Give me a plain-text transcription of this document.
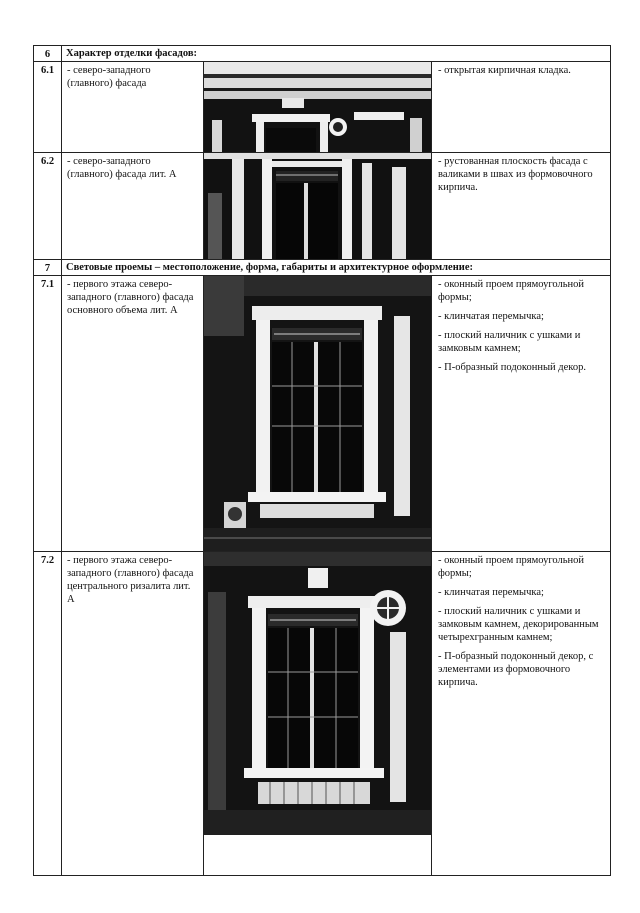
6	Характер отделки фасадов:		
6.1	- северо-западного (главного) фасада		- открытая кирпичная кладка.

6.2	- северо-западного (главного) фасада лит. А		- рустованная плоскость фасада с валиками в швах из формовочного кирпича.

7	Световые проемы – местоположение, форма, габариты и архитектурное оформление:		
7.1	- первого этажа северо-западного (главного) фасада основного объема лит. А		- оконный проем прямоугольной формы;

- клинчатая перемычка;

- плоский наличник с ушками и замковым камнем;

- П-образный подоконный декор.

7.2	- первого этажа северо-западного (главного) фасада центрального ризалита лит. А		- оконный проем прямоугольной формы;

- клинчатая перемычка;

- плоский наличник с ушками и замковым камнем, декорированным четырехгранным камнем;

- П-образный подоконный декор, с элементами из формовочного кирпича.
